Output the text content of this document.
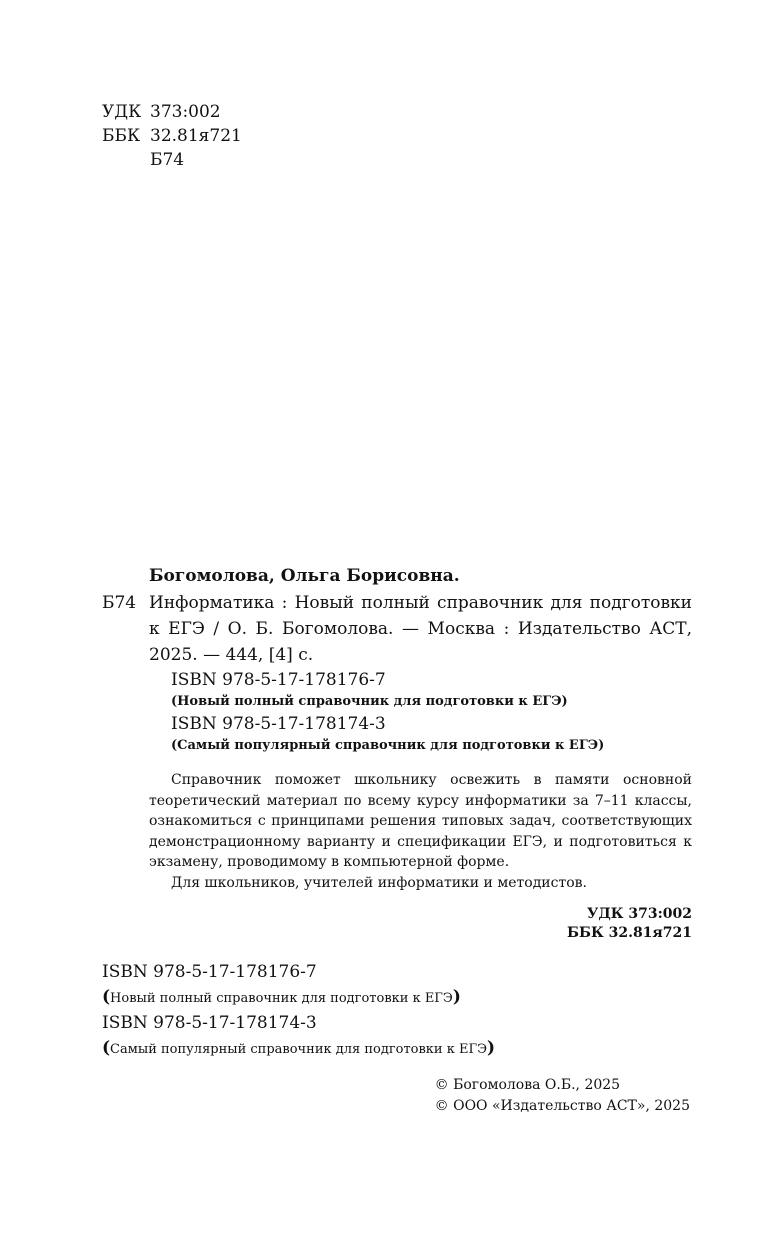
УДК 373:002
ББК 32.81я721
Б74
Богомолова, Ольга Борисовна.
Б74 Информатика : Новый полный справочник для подготовки к ЕГЭ / О. Б. Богомолова. — Москва : Издательство АСТ, 2025. — 444, [4] с.
ISBN 978-5-17-178176-7
(Новый полный справочник для подготовки к ЕГЭ)
ISBN 978-5-17-178174-3
(Самый популярный справочник для подготовки к ЕГЭ)

Справочник поможет школьнику освежить в памяти основной теоретический материал по всему курсу информатики за 7–11 классы, ознакомиться с принципами решения типовых задач, соответствующих демонстрационному варианту и спецификации ЕГЭ, и подготовиться к экзамену, проводимому в компьютерной форме.

Для школьников, учителей информатики и методистов.

УДК 373:002
ББК 32.81я721
ISBN 978-5-17-178176-7
(Новый полный справочник для подготовки к ЕГЭ)
ISBN 978-5-17-178174-3
(Самый популярный справочник для подготовки к ЕГЭ)
© Богомолова О.Б., 2025
© ООО «Издательство АСТ», 2025
